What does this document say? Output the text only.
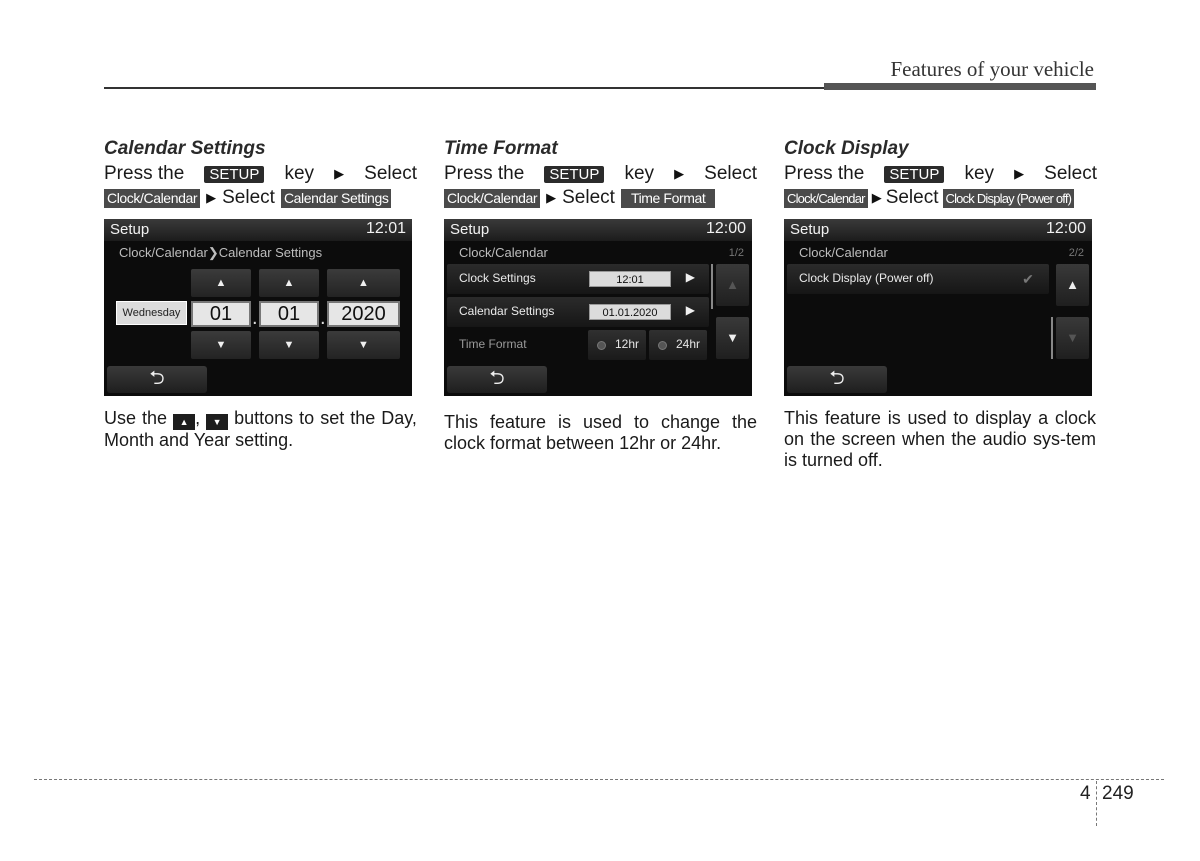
Features of your vehicle
Calendar Settings
Press the	SETUP key ▶ Select
Clock/Calendar ▶ Select Calendar Settings
Setup	12:01
Clock/Calendar❯Calendar Settings
▲	▲	▲
Wednesday	01 .	01 . 2020
▼	▼	▼
⮌
Use the ▲ , ▼ buttons to set the Day, Month and Year setting.
Time Format
Press the	SETUP key ▶ Select
Clock/Calendar ▶ Select	Time Format
Setup	12:00
Clock/Calendar	1/2
Clock Settings	12:01	▶
Calendar Settings	01.01.2020	▶
Time Format	12hr	24hr
▲
▼
⮌
This feature is used to change the clock format between 12hr or 24hr.
Clock Display
Press the	SETUP key ▶ Select
Clock/Calendar ▶ Select Clock Display (Power off)
Setup	12:00
Clock/Calendar	2/2
Clock Display (Power off)	✔	▲
▼
⮌
This feature is used to display a clock on the screen when the audio sys-tem is turned off.
4 249
